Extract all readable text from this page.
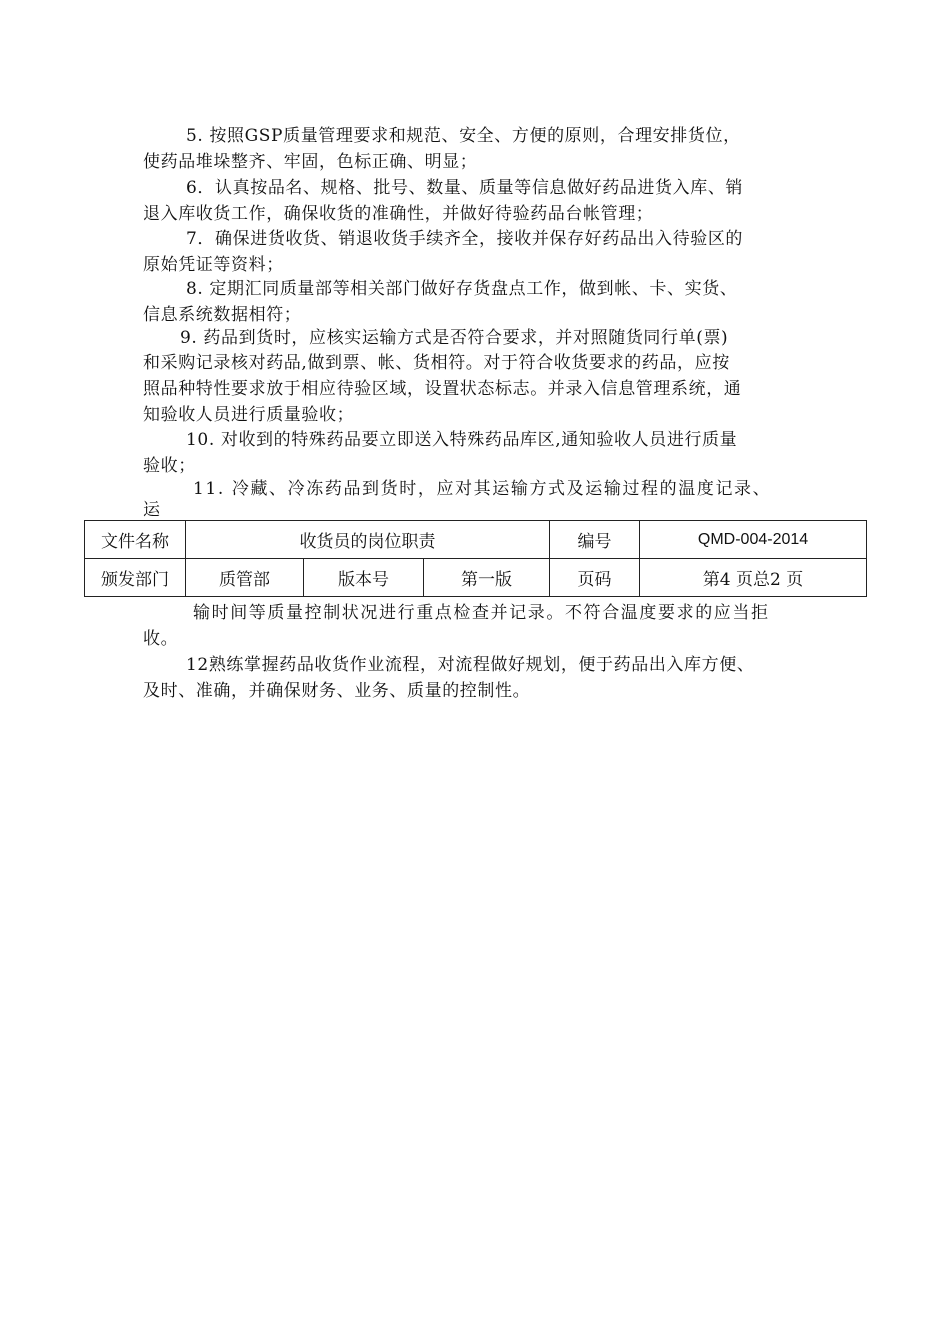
5. 按照GSP质量管理要求和规范、安全、方便的原则，合理安排货位，

使药品堆垛整齐、牢固，色标正确、明显；

6．认真按品名、规格、批号、数量、质量等信息做好药品进货入库、销

退入库收货工作，确保收货的准确性，并做好待验药品台帐管理；

7．确保进货收货、销退收货手续齐全，接收并保存好药品出入待验区的

原始凭证等资料；

8. 定期汇同质量部等相关部门做好存货盘点工作，做到帐、卡、实货、

信息系统数据相符；

9. 药品到货时，应核实运输方式是否符合要求，并对照随货同行单(票)

和采购记录核对药品,做到票、帐、货相符。对于符合收货要求的药品，应按

照品种特性要求放于相应待验区域，设置状态标志。并录入信息管理系统，通

知验收人员进行质量验收；

10. 对收到的特殊药品要立即送入特殊药品库区,通知验收人员进行质量

验收；

11. 冷藏、冷冻药品到货时，应对其运输方式及运输过程的温度记录、

运

文件名称	收货员的岗位职责			编号	QMD-004-2014
颁发部门	质管部	版本号	第一版	页码	第4 页总2 页

输时间等质量控制状况进行重点检查并记录。不符合温度要求的应当拒

收。

12熟练掌握药品收货作业流程，对流程做好规划，便于药品出入库方便、

及时、准确，并确保财务、业务、质量的控制性。
